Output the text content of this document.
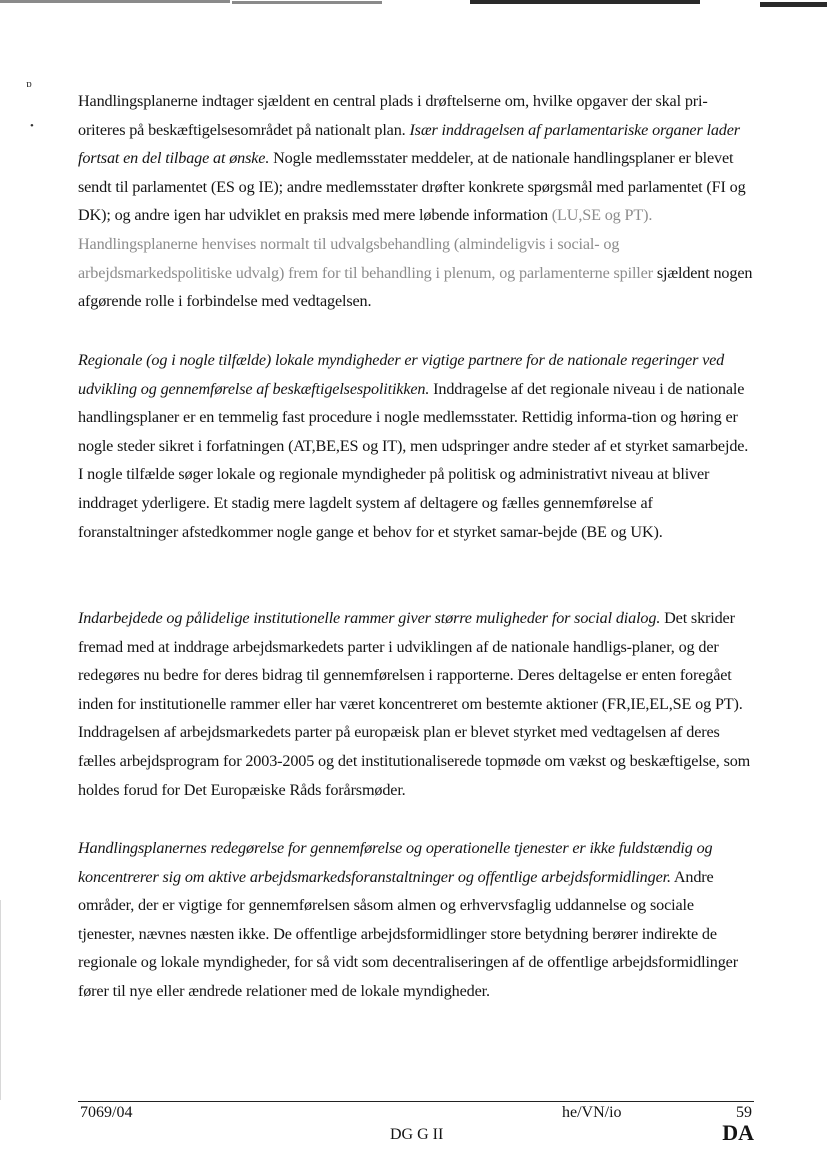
ɒ
•

Handlingsplanerne indtager sjældent en central plads i drøftelserne om, hvilke opgaver der skal pri-oriteres på beskæftigelsesområdet på nationalt plan. Især inddragelsen af parlamentariske organer lader fortsat en del tilbage at ønske. Nogle medlemsstater meddeler, at de nationale handlingsplaner er blevet sendt til parlamentet (ES og IE); andre medlemsstater drøfter konkrete spørgsmål med parlamentet (FI og DK); og andre igen har udviklet en praksis med mere løbende information (LU,SE og PT). Handlingsplanerne henvises normalt til udvalgsbehandling (almindeligvis i social- og arbejdsmarkedspolitiske udvalg) frem for til behandling i plenum, og parlamenterne spiller sjældent nogen afgørende rolle i forbindelse med vedtagelsen.

Regionale (og i nogle tilfælde) lokale myndigheder er vigtige partnere for de nationale regeringer ved udvikling og gennemførelse af beskæftigelsespolitikken. Inddragelse af det regionale niveau i de nationale handlingsplaner er en temmelig fast procedure i nogle medlemsstater. Rettidig informa-tion og høring er nogle steder sikret i forfatningen (AT,BE,ES og IT), men udspringer andre steder af et styrket samarbejde. I nogle tilfælde søger lokale og regionale myndigheder på politisk og administrativt niveau at bliver inddraget yderligere. Et stadig mere lagdelt system af deltagere og fælles gennemførelse af foranstaltninger afstedkommer nogle gange et behov for et styrket samar-bejde (BE og UK).

Indarbejdede og pålidelige institutionelle rammer giver større muligheder for social dialog. Det skrider fremad med at inddrage arbejdsmarkedets parter i udviklingen af de nationale handligs-planer, og der redegøres nu bedre for deres bidrag til gennemførelsen i rapporterne. Deres deltagelse er enten foregået inden for institutionelle rammer eller har været koncentreret om bestemte aktioner (FR,IE,EL,SE og PT). Inddragelsen af arbejdsmarkedets parter på europæisk plan er blevet styrket med vedtagelsen af deres fælles arbejdsprogram for 2003-2005 og det institutionaliserede topmøde om vækst og beskæftigelse, som holdes forud for Det Europæiske Råds forårsmøder.

Handlingsplanernes redegørelse for gennemførelse og operationelle tjenester er ikke fuldstændig og koncentrerer sig om aktive arbejdsmarkedsforanstaltninger og offentlige arbejdsformidlinger. Andre områder, der er vigtige for gennemførelsen såsom almen og erhvervsfaglig uddannelse og sociale tjenester, nævnes næsten ikke. De offentlige arbejdsformidlinger store betydning berører indirekte de regionale og lokale myndigheder, for så vidt som decentraliseringen af de offentlige arbejdsformidlinger fører til nye eller ændrede relationer med de lokale myndigheder.

7069/04	he/VN/io	59
DG G II	DA
